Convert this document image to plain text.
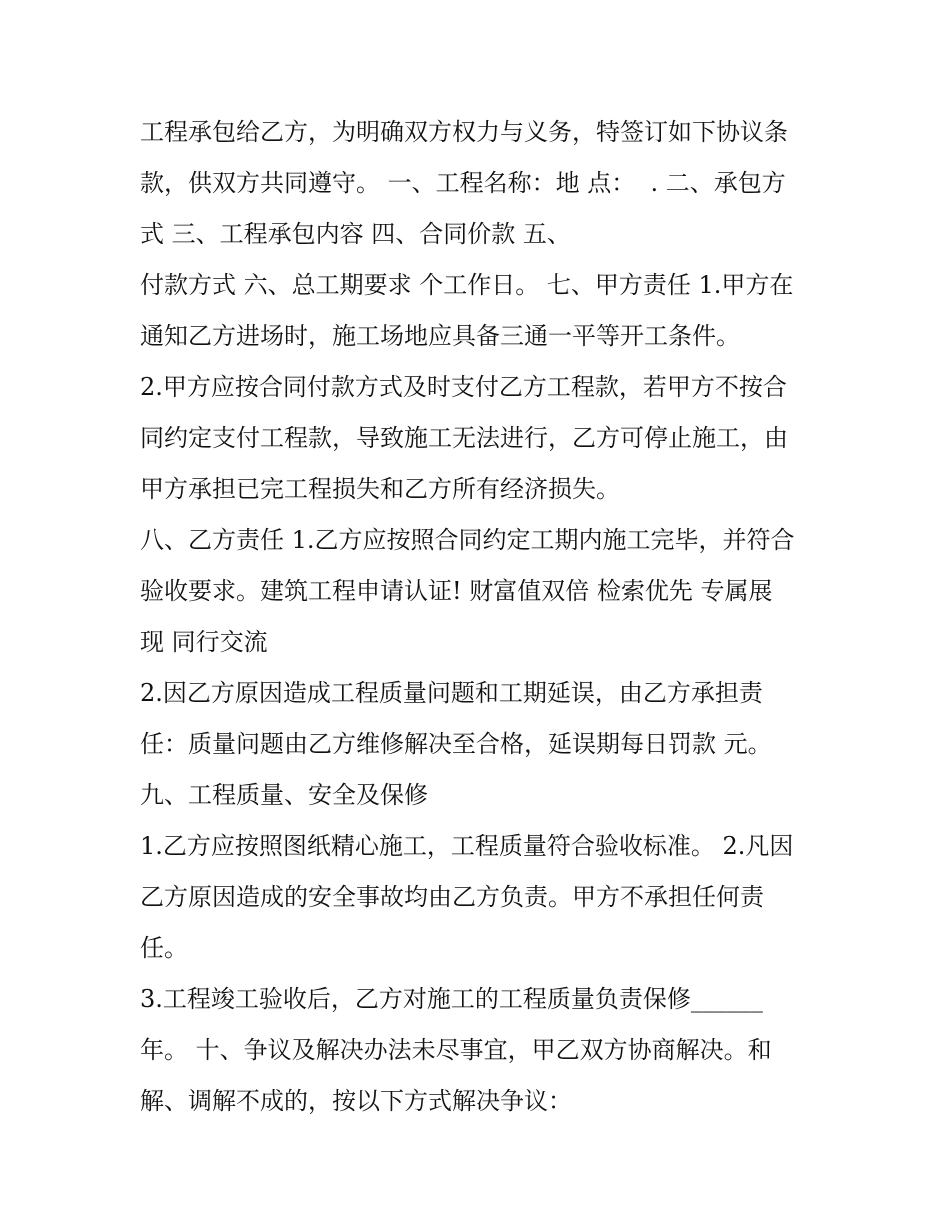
工程承包给乙方，为明确双方权力与义务，特签订如下协议条
款，供双方共同遵守。 一、工程名称：地 点：  . 二、承包方
式 三、工程承包内容 四、合同价款 五、
付款方式 六、总工期要求 个工作日。 七、甲方责任 1.甲方在
通知乙方进场时，施工场地应具备三通一平等开工条件。
2.甲方应按合同付款方式及时支付乙方工程款，若甲方不按合
同约定支付工程款，导致施工无法进行，乙方可停止施工，由
甲方承担已完工程损失和乙方所有经济损失。
八、乙方责任 1.乙方应按照合同约定工期内施工完毕，并符合
验收要求。建筑工程申请认证! 财富值双倍 检索优先 专属展
现 同行交流
2.因乙方原因造成工程质量问题和工期延误，由乙方承担责
任：质量问题由乙方维修解决至合格，延误期每日罚款 元。
九、工程质量、安全及保修
1.乙方应按照图纸精心施工，工程质量符合验收标准。 2.凡因
乙方原因造成的安全事故均由乙方负责。甲方不承担任何责
任。
3.工程竣工验收后，乙方对施工的工程质量负责保修______
年。 十、争议及解决办法未尽事宜，甲乙双方协商解决。和
解、调解不成的，按以下方式解决争议：
